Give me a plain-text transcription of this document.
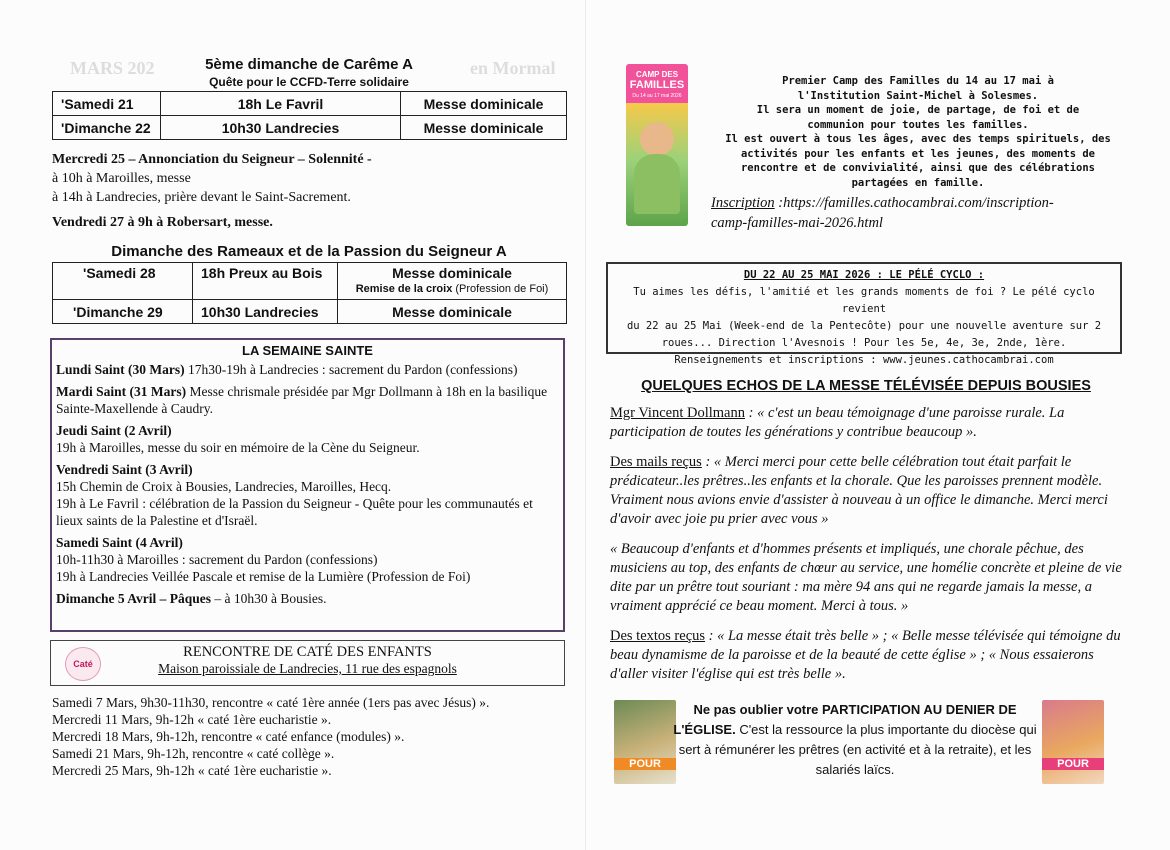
MARS 202	en Mormal
5ème dimanche de Carême A
Quête pour le CCFD-Terre solidaire
'Samedi 21	18h Le Favril	Messe dominicale
'Dimanche 22	10h30 Landrecies	Messe dominicale
Mercredi 25 – Annonciation du Seigneur – Solennité -
à 10h à Maroilles, messe
à 14h à Landrecies, prière devant le Saint-Sacrement.
Vendredi 27 à 9h à Robersart, messe.
Dimanche des Rameaux et de la Passion du Seigneur A
'Samedi 28	18h Preux au Bois	Messe dominicale
Remise de la croix (Profession de Foi)

'Dimanche 29	10h30 Landrecies	Messe dominicale
LA SEMAINE SAINTE
Lundi Saint (30 Mars) 17h30-19h à Landrecies : sacrement du Pardon (confessions)
Mardi Saint (31 Mars) Messe chrismale présidée par Mgr Dollmann à 18h en la basilique Sainte-Maxellende à Caudry.
Jeudi Saint (2 Avril)
19h à Maroilles, messe du soir en mémoire de la Cène du Seigneur.
Vendredi Saint (3 Avril)
15h Chemin de Croix à Bousies, Landrecies, Maroilles, Hecq.
19h à Le Favril : célébration de la Passion du Seigneur - Quête pour les communautés et lieux saints de la Palestine et d'Israël.
Samedi Saint (4 Avril)
10h-11h30 à Maroilles : sacrement du Pardon (confessions)
19h à Landrecies Veillée Pascale et remise de la Lumière (Profession de Foi)
Dimanche 5 Avril – Pâques – à 10h30 à Bousies.
Caté
RENCONTRE DE CATÉ DES ENFANTS
Maison paroissiale de Landrecies, 11 rue des espagnols
Samedi 7 Mars, 9h30-11h30, rencontre « caté 1ère année (1ers pas avec Jésus) ».
Mercredi 11 Mars, 9h-12h « caté 1ère eucharistie ».
Mercredi 18 Mars, 9h-12h, rencontre « caté enfance (modules) ».
Samedi 21 Mars, 9h-12h, rencontre « caté collège ».
Mercredi 25 Mars, 9h-12h « caté 1ère eucharistie ».
CAMP DES
FAMILLES
Du 14 au 17 mai 2026
Premier Camp des Familles du 14 au 17 mai à
l'Institution Saint-Michel à Solesmes.
Il sera un moment de joie, de partage, de foi et de
communion pour toutes les familles.
Il est ouvert à tous les âges, avec des temps spirituels, des
activités pour les enfants et les jeunes, des moments de
rencontre et de convivialité, ainsi que des célébrations
partagées en famille.
Inscription :https://familles.cathocambrai.com/inscription-
camp-familles-mai-2026.html
DU 22 AU 25 MAI 2026 : LE PÉLÉ CYCLO :
Tu aimes les défis, l'amitié et les grands moments de foi ? Le pélé cyclo revient
du 22 au 25 Mai (Week-end de la Pentecôte) pour une nouvelle aventure sur 2
roues... Direction l'Avesnois ! Pour les 5e, 4e, 3e, 2nde, 1ère.
Renseignements et inscriptions : www.jeunes.cathocambrai.com
QUELQUES ECHOS DE LA MESSE TÉLÉVISÉE DEPUIS BOUSIES

Mgr Vincent Dollmann : « c'est un beau témoignage d'une paroisse rurale. La participation de toutes les générations y contribue beaucoup ».

Des mails reçus : « Merci merci pour cette belle célébration tout était parfait le prédicateur..les prêtres..les enfants et la chorale. Que les paroisses prennent modèle. Vraiment nous avions envie d'assister à nouveau à un office le dimanche. Merci merci d'avoir avec joie pu prier avec vous »

« Beaucoup d'enfants et d'hommes présents et impliqués, une chorale pêchue, des musiciens au top, des enfants de chœur au service, une homélie concrète et pleine de vie dite par un prêtre tout souriant : ma mère 94 ans qui ne regarde jamais la messe, a vraiment apprécié ce beau moment. Merci à tous. »

Des textos reçus : « La messe était très belle » ; « Belle messe télévisée qui témoigne du beau dynamisme de la paroisse et de la beauté de cette église » ; « Nous essaierons d'aller visiter l'église qui est très belle ».

POUR
Ne pas oublier votre PARTICIPATION AU DENIER DE L'ÉGLISE. C'est la ressource la plus importante du diocèse qui sert à rémunérer les prêtres (en activité et à la retraite), et les salariés laïcs.	POUR
